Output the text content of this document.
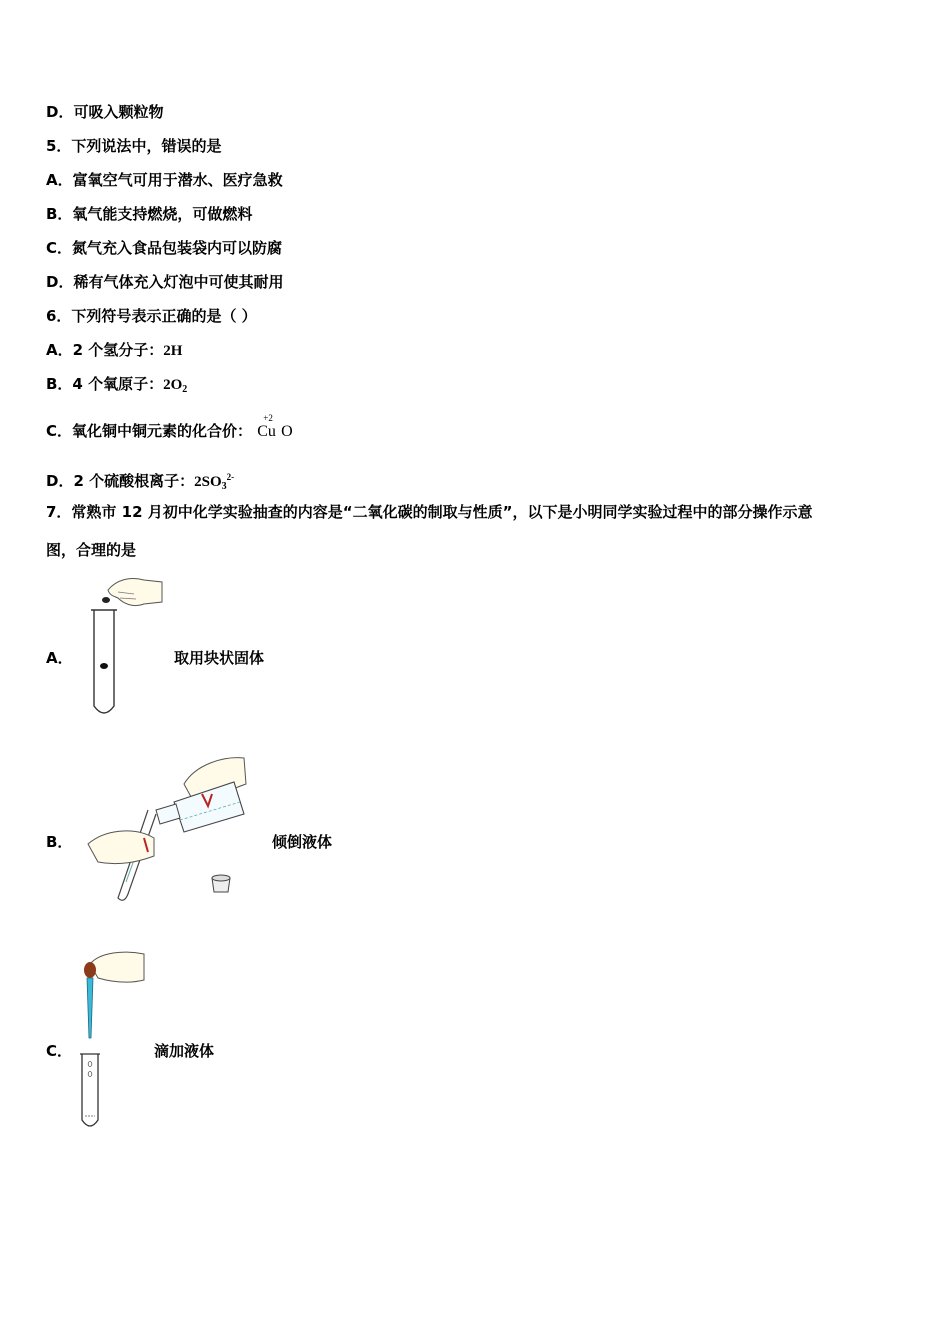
D．可吸入颗粒物
5．下列说法中，错误的是
A．富氧空气可用于潜水、医疗急救
B．氧气能支持燃烧，可做燃料
C．氮气充入食品包装袋内可以防腐
D．稀有气体充入灯泡中可使其耐用
6．下列符号表示正确的是（ ）
A．2 个氢分子：2H
B．4 个氧原子：$2O_2$
C．氧化铜中铜元素的化合价：
+2
Cu O
D．2 个硫酸根离子：$2SO_3^{2-}$
7．常熟市 12 月初中化学实验抽查的内容是“二氧化碳的制取与性质”，以下是小明同学实验过程中的部分操作示意
图，合理的是
A．	取用块状固体
B．	倾倒液体
C．	滴加液体
